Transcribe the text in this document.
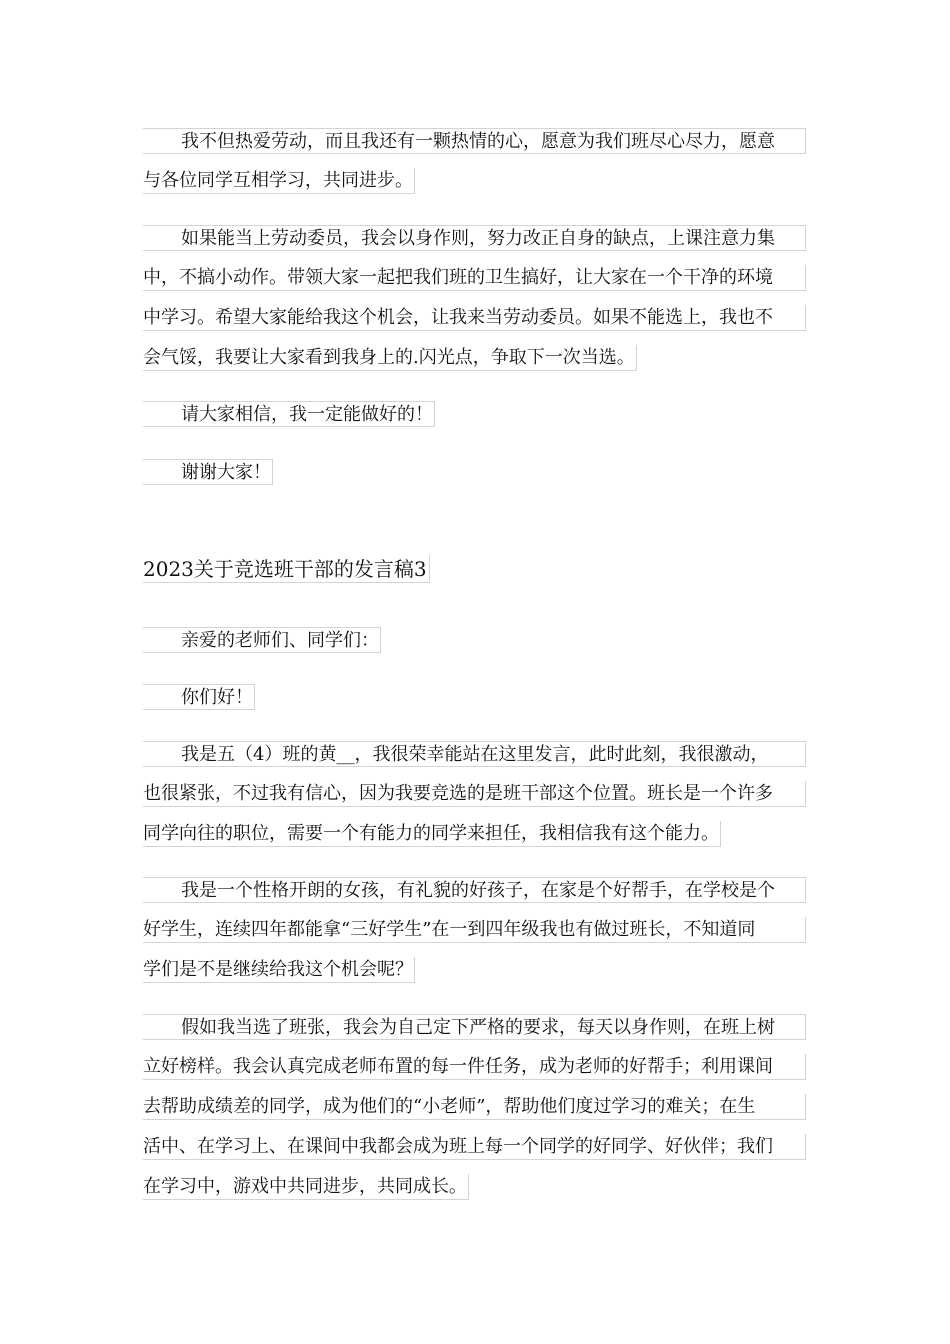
我不但热爱劳动，而且我还有一颗热情的心，愿意为我们班尽心尽力，愿意
与各位同学互相学习，共同进步。
如果能当上劳动委员，我会以身作则，努力改正自身的缺点，上课注意力集
中，不搞小动作。带领大家一起把我们班的卫生搞好，让大家在一个干净的环境
中学习。希望大家能给我这个机会，让我来当劳动委员。如果不能选上，我也不
会气馁，我要让大家看到我身上的.闪光点，争取下一次当选。
请大家相信，我一定能做好的！
谢谢大家！
2023关于竞选班干部的发言稿3
亲爱的老师们、同学们：
你们好！
我是五（4）班的黄__，我很荣幸能站在这里发言，此时此刻，我很激动，
也很紧张，不过我有信心，因为我要竞选的是班干部这个位置。班长是一个许多
同学向往的职位，需要一个有能力的同学来担任，我相信我有这个能力。
我是一个性格开朗的女孩，有礼貌的好孩子，在家是个好帮手，在学校是个
好学生，连续四年都能拿“三好学生”在一到四年级我也有做过班长，不知道同
学们是不是继续给我这个机会呢？
假如我当选了班张，我会为自己定下严格的要求，每天以身作则，在班上树
立好榜样。我会认真完成老师布置的每一件任务，成为老师的好帮手；利用课间
去帮助成绩差的同学，成为他们的“小老师”，帮助他们度过学习的难关；在生
活中、在学习上、在课间中我都会成为班上每一个同学的好同学、好伙伴；我们
在学习中，游戏中共同进步，共同成长。
